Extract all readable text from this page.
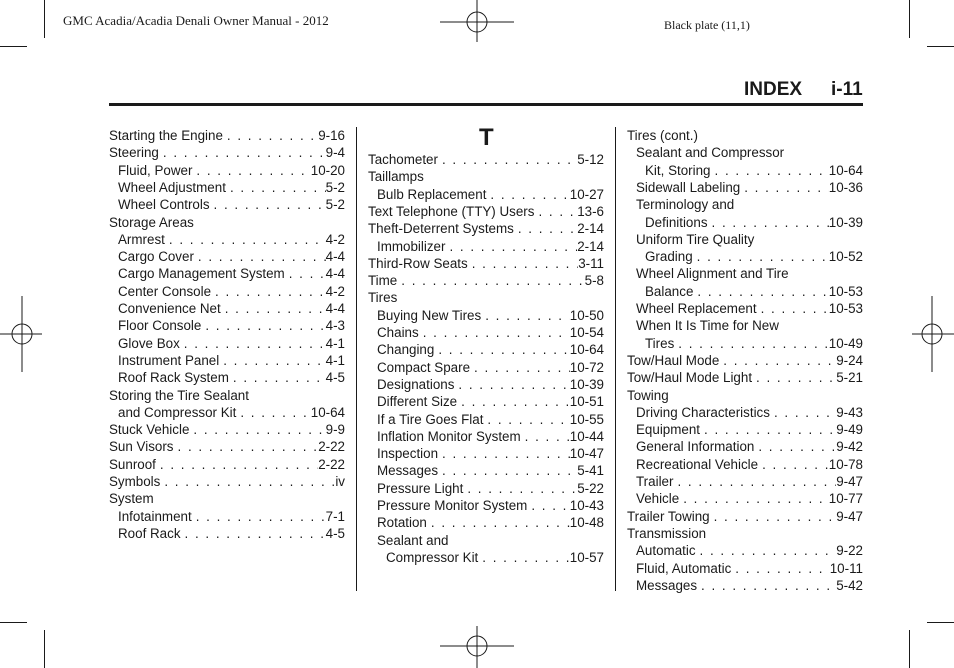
GMC Acadia/Acadia Denali Owner Manual - 2012	Black plate (11,1)
INDEX i-11
T
Starting the Engine . . .	9-16
Steering . . .	9-4
Fluid, Power . . .	10-20
Wheel Adjustment . . .	5-2
Wheel Controls . . .	5-2
Storage Areas
Armrest . . .	4-2
Cargo Cover . . .	4-4
Cargo Management System . . .	4-4
Center Console . . .	4-2
Convenience Net . . .	4-4
Floor Console . . .	4-3
Glove Box . . .	4-1
Instrument Panel . . .	4-1
Roof Rack System . . .	4-5
Storing the Tire Sealant
and Compressor Kit . . .	10-64
Stuck Vehicle . . .	9-9
Sun Visors . . .	2-22
Sunroof . . .	2-22
Symbols . . .	iv
System
Infotainment . . .	7-1
Roof Rack . . .	4-5
Tachometer . . .	5-12
Taillamps
Bulb Replacement . . .	10-27
Text Telephone (TTY) Users . . .	13-6
Theft-Deterrent Systems . . .	2-14
Immobilizer . . .	2-14
Third-Row Seats . . .	3-11
Time . . .	5-8
Tires
Buying New Tires . . .	10-50
Chains . . .	10-54
Changing . . .	10-64
Compact Spare . . .	10-72
Designations . . .	10-39
Different Size . . .	10-51
If a Tire Goes Flat . . .	10-55
Inflation Monitor System . . .	10-44
Inspection . . .	10-47
Messages . . .	5-41
Pressure Light . . .	5-22
Pressure Monitor System . . .	10-43
Rotation . . .	10-48
Sealant and
Compressor Kit . . .	10-57
Tires (cont.)
Sealant and Compressor
Kit, Storing . . .	10-64
Sidewall Labeling . . .	10-36
Terminology and
Definitions . . .	10-39
Uniform Tire Quality
Grading . . .	10-52
Wheel Alignment and Tire
Balance . . .	10-53
Wheel Replacement . . .	10-53
When It Is Time for New
Tires . . .	10-49
Tow/Haul Mode . . .	9-24
Tow/Haul Mode Light . . .	5-21
Towing
Driving Characteristics . . .	9-43
Equipment . . .	9-49
General Information . . .	9-42
Recreational Vehicle . . .	10-78
Trailer . . .	9-47
Vehicle . . .	10-77
Trailer Towing . . .	9-47
Transmission
Automatic . . .	9-22
Fluid, Automatic . . .	10-11
Messages . . .	5-42
